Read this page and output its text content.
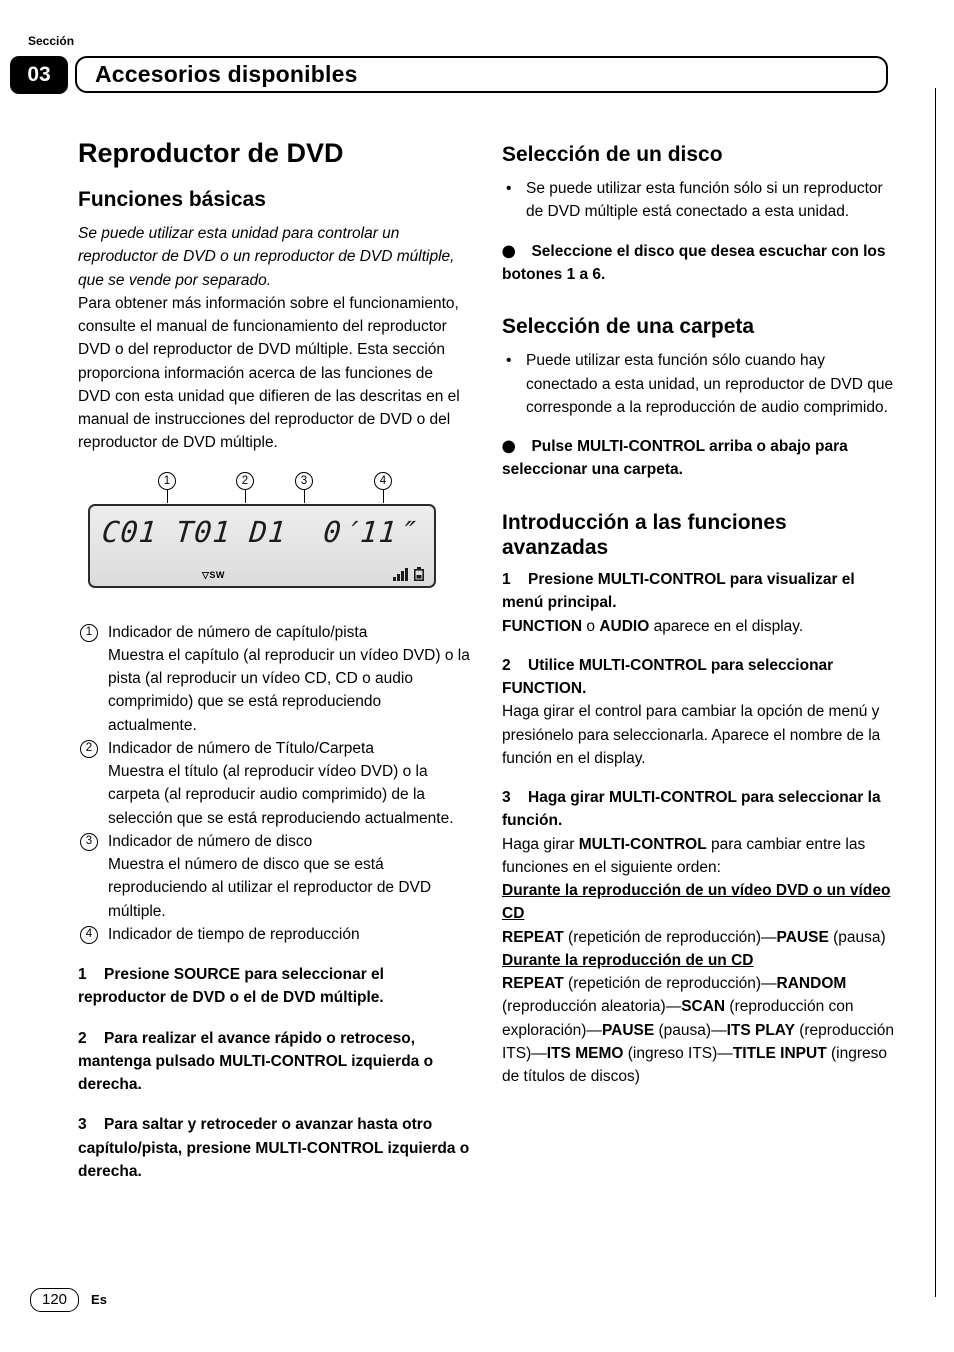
Sección
03	Accesorios disponibles
Reproductor de DVD
Funciones básicas

Se puede utilizar esta unidad para controlar un reproductor de DVD o un reproductor de DVD múltiple, que se vende por separado.

Para obtener más información sobre el funcionamiento, consulte el manual de funcionamiento del reproductor DVD o del reproductor de DVD múltiple. Esta sección proporciona información acerca de las funciones de DVD con esta unidad que difieren de las descritas en el manual de instrucciones del reproductor de DVD o del reproductor de DVD múltiple.

1	2	3	4
C01 T01 D1  0′11″
▽SW
1	Indicador de número de capítulo/pista
Muestra el capítulo (al reproducir un vídeo DVD) o la pista (al reproducir un vídeo CD, CD o audio comprimido) que se está reproduciendo actualmente.
2	Indicador de número de Título/Carpeta
Muestra el título (al reproducir vídeo DVD) o la carpeta (al reproducir audio comprimido) de la selección que se está reproduciendo actualmente.
3	Indicador de número de disco
Muestra el número de disco que se está reproduciendo al utilizar el reproductor de DVD múltiple.
4	Indicador de tiempo de reproducción

1 Presione SOURCE para seleccionar el reproductor de DVD o el de DVD múltiple.

2 Para realizar el avance rápido o retroceso, mantenga pulsado MULTI-CONTROL izquierda o derecha.

3 Para saltar y retroceder o avanzar hasta otro capítulo/pista, presione MULTI-CONTROL izquierda o derecha.

Selección de un disco
• Se puede utilizar esta función sólo si un reproductor de DVD múltiple está conectado a esta unidad.

⬤ Seleccione el disco que desea escuchar con los botones 1 a 6.

Selección de una carpeta
• Puede utilizar esta función sólo cuando hay conectado a esta unidad, un reproductor de DVD que corresponde a la reproducción de audio comprimido.

⬤ Pulse MULTI-CONTROL arriba o abajo para seleccionar una carpeta.

Introducción a las funciones avanzadas

1 Presione MULTI-CONTROL para visualizar el menú principal.

FUNCTION o AUDIO aparece en el display.

2 Utilice MULTI-CONTROL para seleccionar FUNCTION.

Haga girar el control para cambiar la opción de menú y presiónelo para seleccionarla. Aparece el nombre de la función en el display.

3 Haga girar MULTI-CONTROL para seleccionar la función.

Haga girar MULTI-CONTROL para cambiar entre las funciones en el siguiente orden:

Durante la reproducción de un vídeo DVD o un vídeo CD

REPEAT (repetición de reproducción)—PAUSE (pausa)

Durante la reproducción de un CD

REPEAT (repetición de reproducción)—RANDOM (reproducción aleatoria)—SCAN (reproducción con exploración)—PAUSE (pausa)—ITS PLAY (reproducción ITS)—ITS MEMO (ingreso ITS)—TITLE INPUT (ingreso de títulos de discos)

120	Es
